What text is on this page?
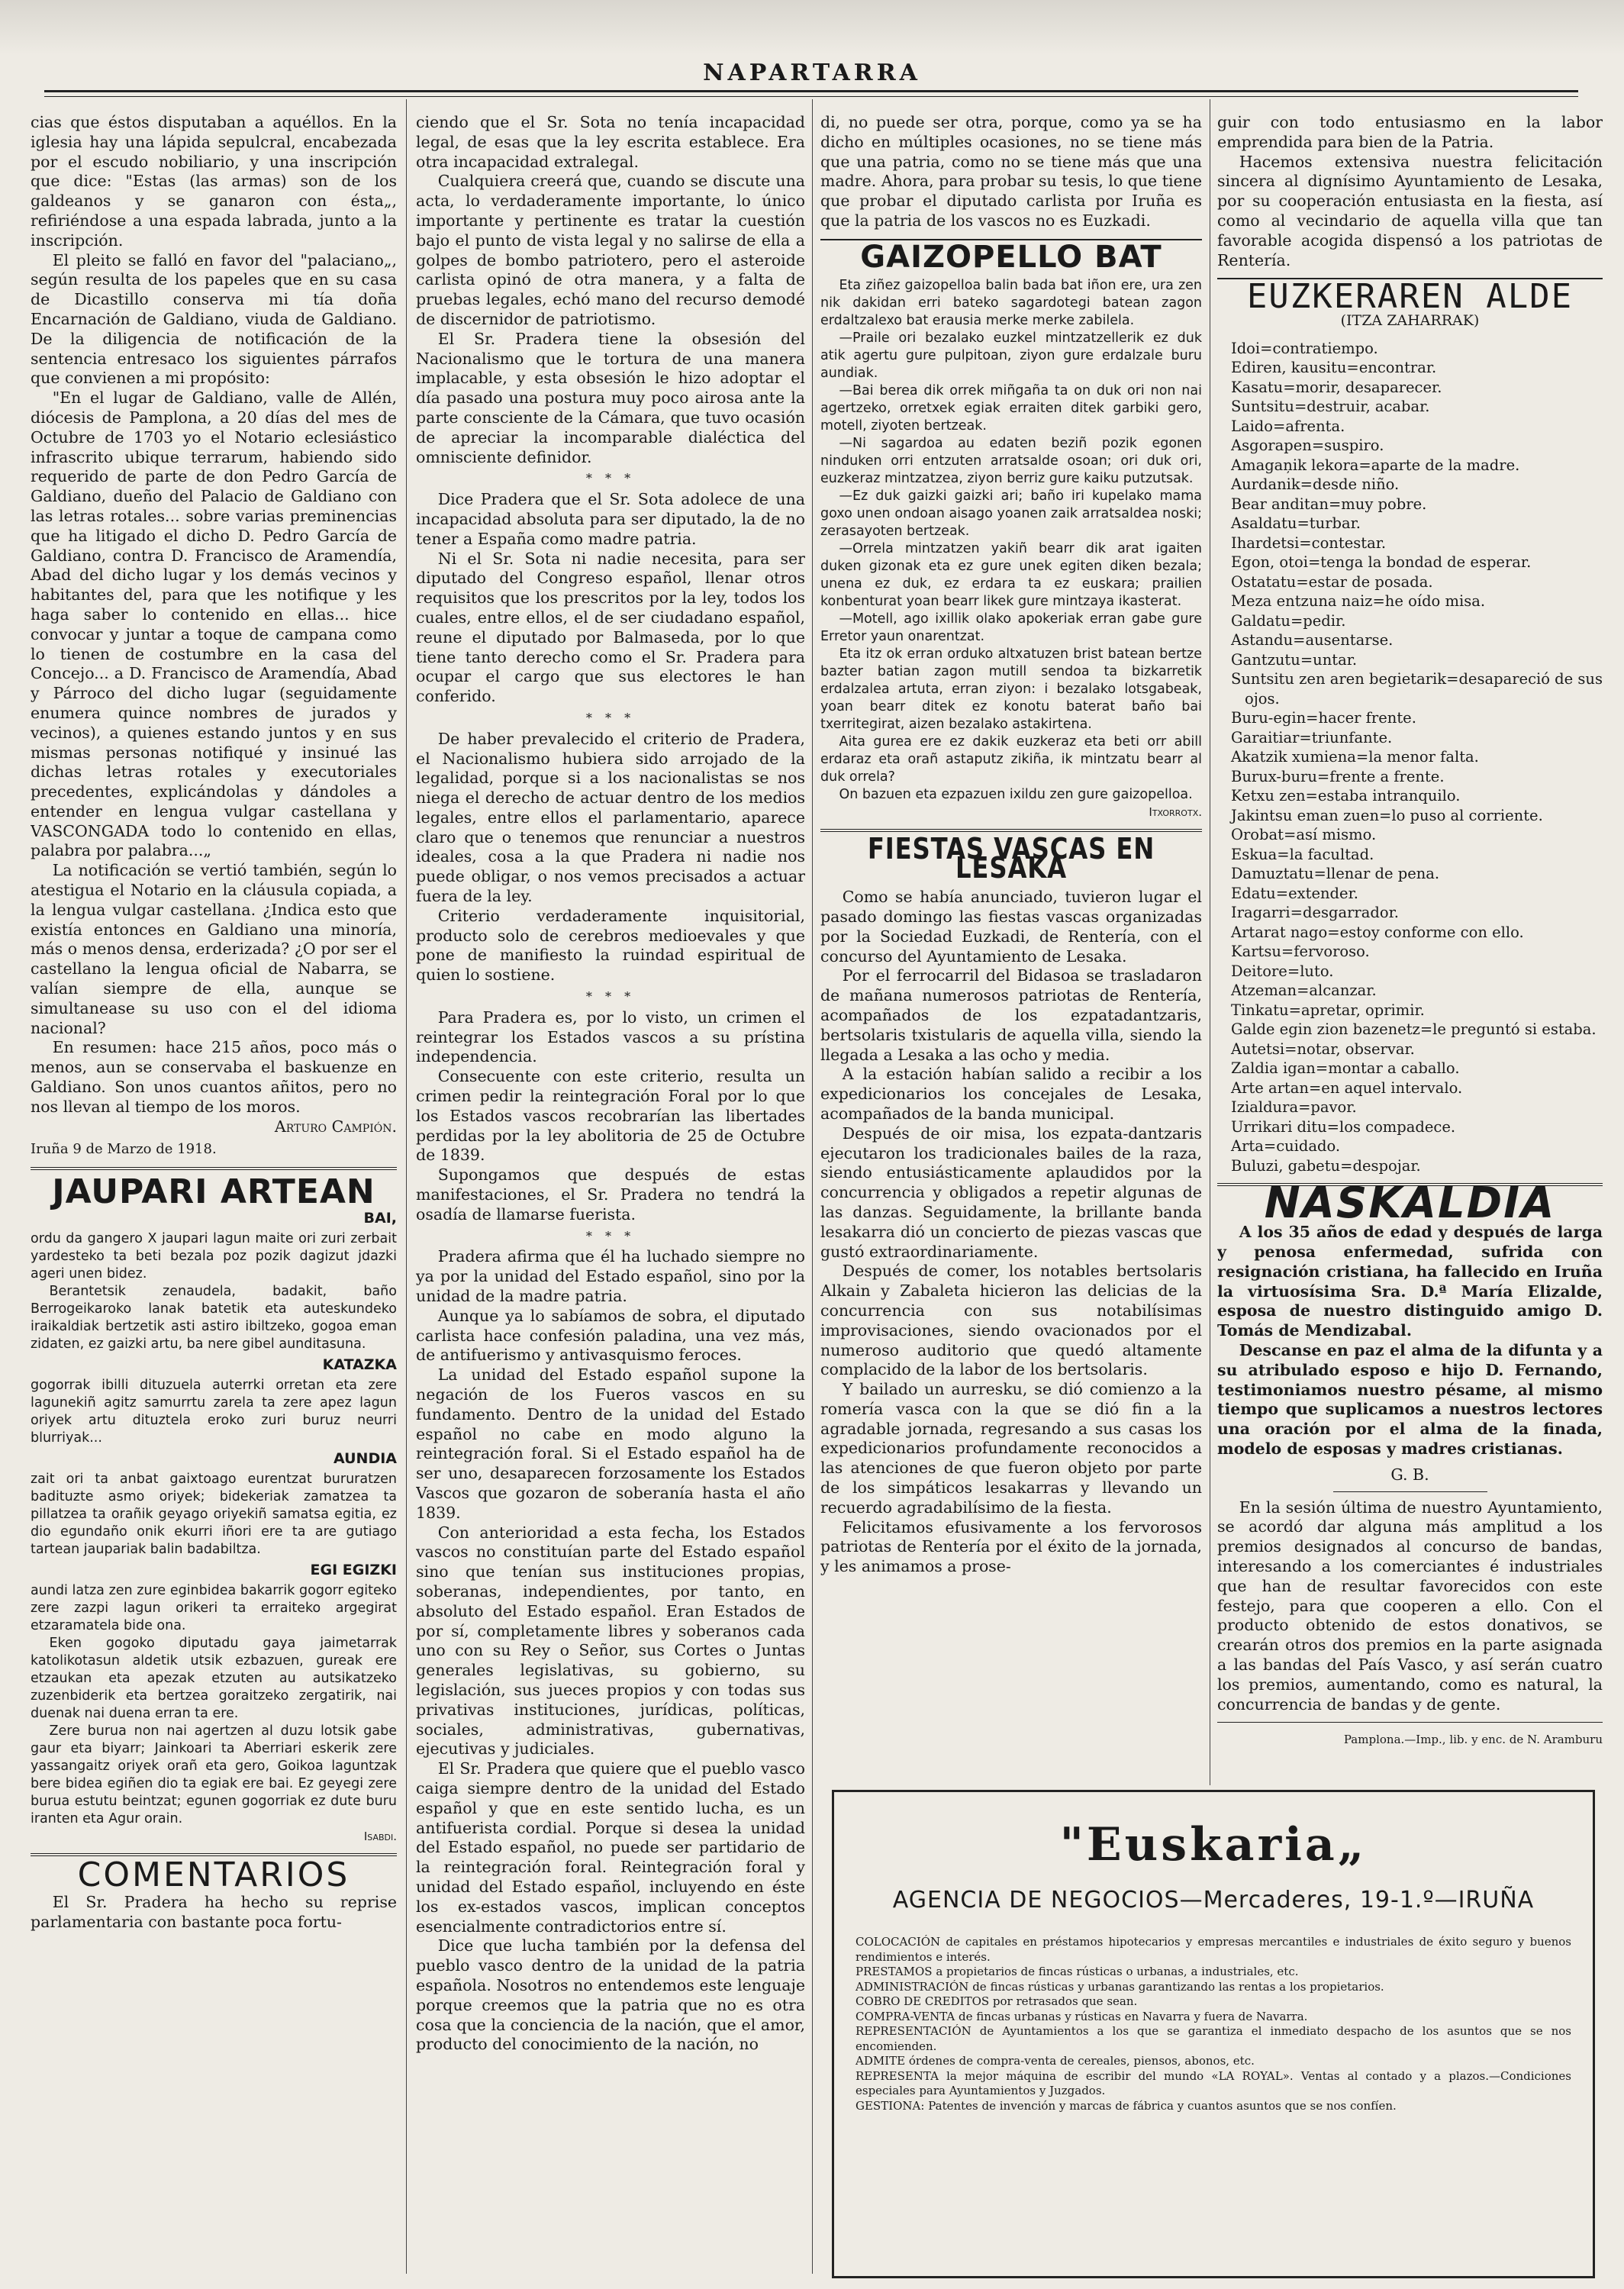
NAPARTARRA

cias que éstos disputaban a aquéllos. En la iglesia hay una lápida sepulcral, encabezada por el escudo nobiliario, y una inscripción que dice: "Estas (las armas) son de los galdeanos y se ganaron con ésta„, refiriéndose a una espada labrada, junto a la inscripción.

El pleito se falló en favor del "palaciano„, según resulta de los papeles que en su casa de Dicastillo conserva mi tía doña Encarnación de Galdiano, viuda de Galdiano. De la diligencia de notificación de la sentencia entresaco los siguientes párrafos que convienen a mi propósito:

"En el lugar de Galdiano, valle de Allén, diócesis de Pamplona, a 20 días del mes de Octubre de 1703 yo el Notario eclesiástico infrascrito ubique terrarum, habiendo sido requerido de parte de don Pedro García de Galdiano, dueño del Palacio de Galdiano con las letras rotales... sobre varias preminencias que ha litigado el dicho D. Pedro García de Galdiano, contra D. Francisco de Aramendía, Abad del dicho lugar y los demás vecinos y habitantes del, para que les notifique y les haga saber lo contenido en ellas... hice convocar y juntar a toque de campana como lo tienen de costumbre en la casa del Concejo... a D. Francisco de Aramendía, Abad y Párroco del dicho lugar (seguidamente enumera quince nombres de jurados y vecinos), a quienes estando juntos y en sus mismas personas notifiqué y insinué las dichas letras rotales y executoriales precedentes, explicándolas y dándoles a entender en lengua vulgar castellana y VASCONGADA todo lo contenido en ellas, palabra por palabra...„

La notificación se vertió también, según lo atestigua el Notario en la cláusula copiada, a la lengua vulgar castellana. ¿Indica esto que existía entonces en Galdiano una minoría, más o menos densa, erderizada? ¿O por ser el castellano la lengua oficial de Nabarra, se valían siempre de ella, aunque se simultanease su uso con el del idioma nacional?

En resumen: hace 215 años, poco más o menos, aun se conservaba el baskuenze en Galdiano. Son unos cuantos añitos, pero no nos llevan al tiempo de los moros.

Arturo Campión.
Iruña 9 de Marzo de 1918.
JAUPARI ARTEAN
BAI,

ordu da gangero X jaupari lagun maite ori zuri zerbait yardesteko ta beti bezala poz pozik dagizut jdazki ageri unen bidez.

Berantetsik zenaudela, badakit, baño Berrogeikaroko lanak batetik eta auteskundeko iraikaldiak bertzetik asti astiro ibiltzeko, gogoa eman zidaten, ez gaizki artu, ba nere gibel aunditasuna.

KATAZKA

gogorrak ibilli dituzuela auterrki orretan eta zere lagunekiñ agitz samurrtu zarela ta zere apez lagun oriyek artu dituztela eroko zuri buruz neurri blurriyak...

AUNDIA

zait ori ta anbat gaixtoago eurentzat bururatzen badituzte asmo oriyek; bidekeriak zamatzea ta pillatzea ta orañik geyago oriyekiñ samatsa egitia, ez dio egundaño onik ekurri iñori ere ta are gutiago tartean jaupariak balin badabiltza.

EGI EGIZKI

aundi latza zen zure eginbidea bakarrik gogorr egiteko zere zazpi lagun orikeri ta erraiteko argegirat etzaramatela bide ona.

Eken gogoko diputadu gaya jaimetarrak katolikotasun aldetik utsik ezbazuen, gureak ere etzaukan eta apezak etzuten au autsikatzeko zuzenbiderik eta bertzea goraitzeko zergatirik, nai duenak nai duena erran ta ere.

Zere burua non nai agertzen al duzu lotsik gabe gaur eta biyarr; Jainkoari ta Aberriari eskerik zere yassangaitz oriyek orañ eta gero, Goikoa laguntzak bere bidea egiñen dio ta egiak ere bai. Ez geyegi zere burua estutu beintzat; egunen gogorriak ez dute buru iranten eta Agur orain.

Isabdi.
COMENTARIOS

El Sr. Pradera ha hecho su reprise parlamentaria con bastante poca fortu-

ciendo que el Sr. Sota no tenía incapacidad legal, de esas que la ley escrita establece. Era otra incapacidad extralegal.

Cualquiera creerá que, cuando se discute una acta, lo verdaderamente importante, lo único importante y pertinente es tratar la cuestión bajo el punto de vista legal y no salirse de ella a golpes de bombo patriotero, pero el asteroide carlista opinó de otra manera, y a falta de pruebas legales, echó mano del recurso demodé de discernidor de patriotismo.

El Sr. Pradera tiene la obsesión del Nacionalismo que le tortura de una manera implacable, y esta obsesión le hizo adoptar el día pasado una postura muy poco airosa ante la parte consciente de la Cámara, que tuvo ocasión de apreciar la incomparable dialéctica del omnisciente definidor.

* * *

Dice Pradera que el Sr. Sota adolece de una incapacidad absoluta para ser diputado, la de no tener a España como madre patria.

Ni el Sr. Sota ni nadie necesita, para ser diputado del Congreso español, llenar otros requisitos que los prescritos por la ley, todos los cuales, entre ellos, el de ser ciudadano español, reune el diputado por Balmaseda, por lo que tiene tanto derecho como el Sr. Pradera para ocupar el cargo que sus electores le han conferido.

* * *

De haber prevalecido el criterio de Pradera, el Nacionalismo hubiera sido arrojado de la legalidad, porque si a los nacionalistas se nos niega el derecho de actuar dentro de los medios legales, entre ellos el parlamentario, aparece claro que o tenemos que renunciar a nuestros ideales, cosa a la que Pradera ni nadie nos puede obligar, o nos vemos precisados a actuar fuera de la ley.

Criterio verdaderamente inquisitorial, producto solo de cerebros medioevales y que pone de manifiesto la ruindad espiritual de quien lo sostiene.

* * *

Para Pradera es, por lo visto, un crimen el reintegrar los Estados vascos a su prístina independencia.

Consecuente con este criterio, resulta un crimen pedir la reintegración Foral por lo que los Estados vascos recobrarían las libertades perdidas por la ley abolitoria de 25 de Octubre de 1839.

Supongamos que después de estas manifestaciones, el Sr. Pradera no tendrá la osadía de llamarse fuerista.

* * *

Pradera afirma que él ha luchado siempre no ya por la unidad del Estado español, sino por la unidad de la madre patria.

Aunque ya lo sabíamos de sobra, el diputado carlista hace confesión paladina, una vez más, de antifuerismo y antivasquismo feroces.

La unidad del Estado español supone la negación de los Fueros vascos en su fundamento. Dentro de la unidad del Estado español no cabe en modo alguno la reintegración foral. Si el Estado español ha de ser uno, desaparecen forzosamente los Estados Vascos que gozaron de soberanía hasta el año 1839.

Con anterioridad a esta fecha, los Estados vascos no constituían parte del Estado español sino que tenían sus instituciones propias, soberanas, independientes, por tanto, en absoluto del Estado español. Eran Estados de por sí, completamente libres y soberanos cada uno con su Rey o Señor, sus Cortes o Juntas generales legislativas, su gobierno, su legislación, sus jueces propios y con todas sus privativas instituciones, jurídicas, políticas, sociales, administrativas, gubernativas, ejecutivas y judiciales.

El Sr. Pradera que quiere que el pueblo vasco caiga siempre dentro de la unidad del Estado español y que en este sentido lucha, es un antifuerista cordial. Porque si desea la unidad del Estado español, no puede ser partidario de la reintegración foral. Reintegración foral y unidad del Estado español, incluyendo en éste los ex-estados vascos, implican conceptos esencialmente contradictorios entre sí.

Dice que lucha también por la defensa del pueblo vasco dentro de la unidad de la patria española. Nosotros no entendemos este lenguaje porque creemos que la patria que no es otra cosa que la conciencia de la nación, que el amor, producto del conocimiento de la nación, no

di, no puede ser otra, porque, como ya se ha dicho en múltiples ocasiones, no se tiene más que una patria, como no se tiene más que una madre. Ahora, para probar su tesis, lo que tiene que probar el diputado carlista por Iruña es que la patria de los vascos no es Euzkadi.

GAIZOPELLO BAT

Eta ziñez gaizopelloa balin bada bat iñon ere, ura zen nik dakidan erri bateko sagardotegi batean zagon erdaltzalexo bat erausia merke merke zabilela.

—Praile ori bezalako euzkel mintzatzellerik ez duk atik agertu gure pulpitoan, ziyon gure erdalzale buru aundiak.

—Bai berea dik orrek miñgaña ta on duk ori non nai agertzeko, orretxek egiak erraiten ditek garbiki gero, motell, ziyoten bertzeak.

—Ni sagardoa au edaten beziñ pozik egonen ninduken orri entzuten arratsalde osoan; ori duk ori, euzkeraz mintzatzea, ziyon berriz gure kaiku putzutsak.

—Ez duk gaizki gaizki ari; baño iri kupelako mama goxo unen ondoan aisago yoanen zaik arratsaldea noski; zerasayoten bertzeak.

—Orrela mintzatzen yakiñ bearr dik arat igaiten duken gizonak eta ez gure unek egiten diken bezala; unena ez duk, ez erdara ta ez euskara; prailien konbenturat yoan bearr likek gure mintzaya ikasterat.

—Motell, ago ixillik olako apokeriak erran gabe gure Erretor yaun onarentzat.

Eta itz ok erran orduko altxatuzen brist batean bertze bazter batian zagon mutill sendoa ta bizkarretik erdalzalea artuta, erran ziyon: i bezalako lotsgabeak, yoan bearr ditek ez konotu baterat baño bai txerritegirat, aizen bezalako astakirtena.

Aita gurea ere ez dakik euzkeraz eta beti orr abill erdaraz eta orañ astaputz zikiña, ik mintzatu bearr al duk orrela?

On bazuen eta ezpazuen ixildu zen gure gaizopelloa.

Itxorrotx.
FIESTAS VASCAS EN LESAKA

Como se había anunciado, tuvieron lugar el pasado domingo las fiestas vascas organizadas por la Sociedad Euzkadi, de Rentería, con el concurso del Ayuntamiento de Lesaka.

Por el ferrocarril del Bidasoa se trasladaron de mañana numerosos patriotas de Rentería, acompañados de los ezpatadantzaris, bertsolaris txistularis de aquella villa, siendo la llegada a Lesaka a las ocho y media.

A la estación habían salido a recibir a los expedicionarios los concejales de Lesaka, acompañados de la banda municipal.

Después de oir misa, los ezpata-dantzaris ejecutaron los tradicionales bailes de la raza, siendo entusiásticamente aplaudidos por la concurrencia y obligados a repetir algunas de las danzas. Seguidamente, la brillante banda lesakarra dió un concierto de piezas vascas que gustó extraordinariamente.

Después de comer, los notables bertsolaris Alkain y Zabaleta hicieron las delicias de la concurrencia con sus notabilísimas improvisaciones, siendo ovacionados por el numeroso auditorio que quedó altamente complacido de la labor de los bertsolaris.

Y bailado un aurresku, se dió comienzo a la romería vasca con la que se dió fin a la agradable jornada, regresando a sus casas los expedicionarios profundamente reconocidos a las atenciones de que fueron objeto por parte de los simpáticos lesakarras y llevando un recuerdo agradabilísimo de la fiesta.

Felicitamos efusivamente a los fervorosos patriotas de Rentería por el éxito de la jornada, y les animamos a prose-

guir con todo entusiasmo en la labor emprendida para bien de la Patria.

Hacemos extensiva nuestra felicitación sincera al dignísimo Ayuntamiento de Lesaka, por su cooperación entusiasta en la fiesta, así como al vecindario de aquella villa que tan favorable acogida dispensó a los patriotas de Rentería.

EUZKERAREN ALDE
(ITZA ZAHARRAK)
Idoi=contratiempo.
Ediren, kausitu=encontrar.
Kasatu=morir, desaparecer.
Suntsitu=destruir, acabar.
Laido=afrenta.
Asgorapen=suspiro.
Amagaņik lekora=aparte de la madre.
Aurdanik=desde niño.
Bear anditan=muy pobre.
Asaldatu=turbar.
Ihardetsi=contestar.
Egon, otoi=tenga la bondad de esperar.
Ostatatu=estar de posada.
Meza entzuna naiz=he oído misa.
Galdatu=pedir.
Astandu=ausentarse.
Gantzutu=untar.
Suntsitu zen aren begietarik=desapareció de sus ojos.
Buru-egin=hacer frente.
Garaitiar=triunfante.
Akatzik xumiena=la menor falta.
Burux-buru=frente a frente.
Ketxu zen=estaba intranquilo.
Jakintsu eman zuen=lo puso al corriente.
Orobat=así mismo.
Eskua=la facultad.
Damuztatu=llenar de pena.
Edatu=extender.
Iragarri=desgarrador.
Artarat nago=estoy conforme con ello.
Kartsu=fervoroso.
Deitore=luto.
Atzeman=alcanzar.
Tinkatu=apretar, oprimir.
Galde egin zion bazenetz=le preguntó si estaba.
Autetsi=notar, observar.
Zaldia igan=montar a caballo.
Arte artan=en aquel intervalo.
Izialdura=pavor.
Urrikari ditu=los compadece.
Arta=cuidado.
Buluzi, gabetu=despojar.
NASKALDIA

A los 35 años de edad y después de larga y penosa enfermedad, sufrida con resignación cristiana, ha fallecido en Iruña la virtuosísima Sra. D.ª María Elizalde, esposa de nuestro distinguido amigo D. Tomás de Mendizabal.

Descanse en paz el alma de la difunta y a su atribulado esposo e hijo D. Fernando, testimoniamos nuestro pésame, al mismo tiempo que suplicamos a nuestros lectores una oración por el alma de la finada, modelo de esposas y madres cristianas.

G. B.

En la sesión última de nuestro Ayuntamiento, se acordó dar alguna más amplitud a los premios designados al concurso de bandas, interesando a los comerciantes é industriales que han de resultar favorecidos con este festejo, para que cooperen a ello. Con el producto obtenido de estos donativos, se crearán otros dos premios en la parte asignada a las bandas del País Vasco, y así serán cuatro los premios, aumentando, como es natural, la concurrencia de bandas y de gente.

Pamplona.—Imp., lib. y enc. de N. Aramburu
"Euskaria„
AGENCIA DE NEGOCIOS—Mercaderes, 19-1.º—IRUÑA
COLOCACIÓN de capitales en préstamos hipotecarios y empresas mercantiles e industriales de éxito seguro y buenos rendimientos e interés.
PRESTAMOS a propietarios de fincas rústicas o urbanas, a industriales, etc.
ADMINISTRACIÓN de fincas rústicas y urbanas garantizando las rentas a los propietarios.
COBRO DE CREDITOS por retrasados que sean.
COMPRA-VENTA de fincas urbanas y rústicas en Navarra y fuera de Navarra.
REPRESENTACIÓN de Ayuntamientos a los que se garantiza el inmediato despacho de los asuntos que se nos encomienden.
ADMITE órdenes de compra-venta de cereales, piensos, abonos, etc.
REPRESENTA la mejor máquina de escribir del mundo «LA ROYAL». Ventas al contado y a plazos.—Condiciones especiales para Ayuntamientos y Juzgados.
GESTIONA: Patentes de invención y marcas de fábrica y cuantos asuntos que se nos confíen.
